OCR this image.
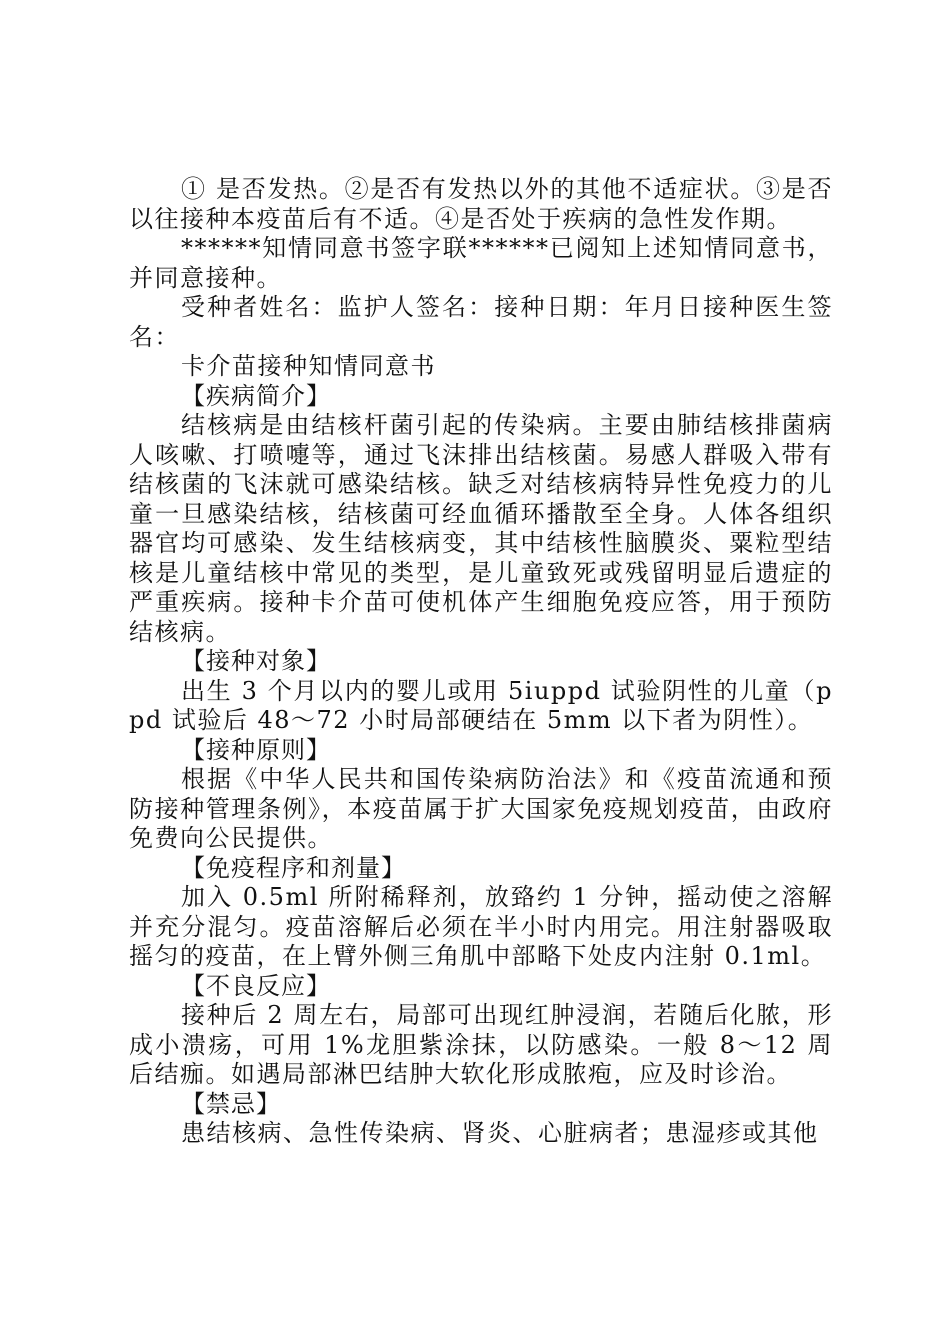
① 是否发热。②是否有发热以外的其他不适症状。③是否以往接种本疫苗后有不适。④是否处于疾病的急性发作期。

******知情同意书签字联******已阅知上述知情同意书，并同意接种。

受种者姓名：监护人签名：接种日期：年月日接种医生签名：

卡介苗接种知情同意书

【疾病简介】

结核病是由结核杆菌引起的传染病。主要由肺结核排菌病人咳嗽、打喷嚏等，通过飞沫排出结核菌。易感人群吸入带有结核菌的飞沫就可感染结核。缺乏对结核病特异性免疫力的儿童一旦感染结核，结核菌可经血循环播散至全身。人体各组织器官均可感染、发生结核病变，其中结核性脑膜炎、粟粒型结核是儿童结核中常见的类型，是儿童致死或残留明显后遗症的严重疾病。接种卡介苗可使机体产生细胞免疫应答，用于预防结核病。

【接种对象】

出生 3 个月以内的婴儿或用 5iuppd 试验阴性的儿童（ppd 试验后 48～72 小时局部硬结在 5mm 以下者为阴性）。

【接种原则】

根据《中华人民共和国传染病防治法》和《疫苗流通和预防接种管理条例》，本疫苗属于扩大国家免疫规划疫苗，由政府免费向公民提供。

【免疫程序和剂量】

加入 0.5ml 所附稀释剂，放臵约 1 分钟，摇动使之溶解并充分混匀。疫苗溶解后必须在半小时内用完。用注射器吸取摇匀的疫苗，在上臂外侧三角肌中部略下处皮内注射 0.1ml。

【不良反应】

接种后 2 周左右，局部可出现红肿浸润，若随后化脓，形成小溃疡，可用 1%龙胆紫涂抹，以防感染。一般 8～12 周后结痂。如遇局部淋巴结肿大软化形成脓疱，应及时诊治。

【禁忌】

患结核病、急性传染病、肾炎、心脏病者；患湿疹或其他
